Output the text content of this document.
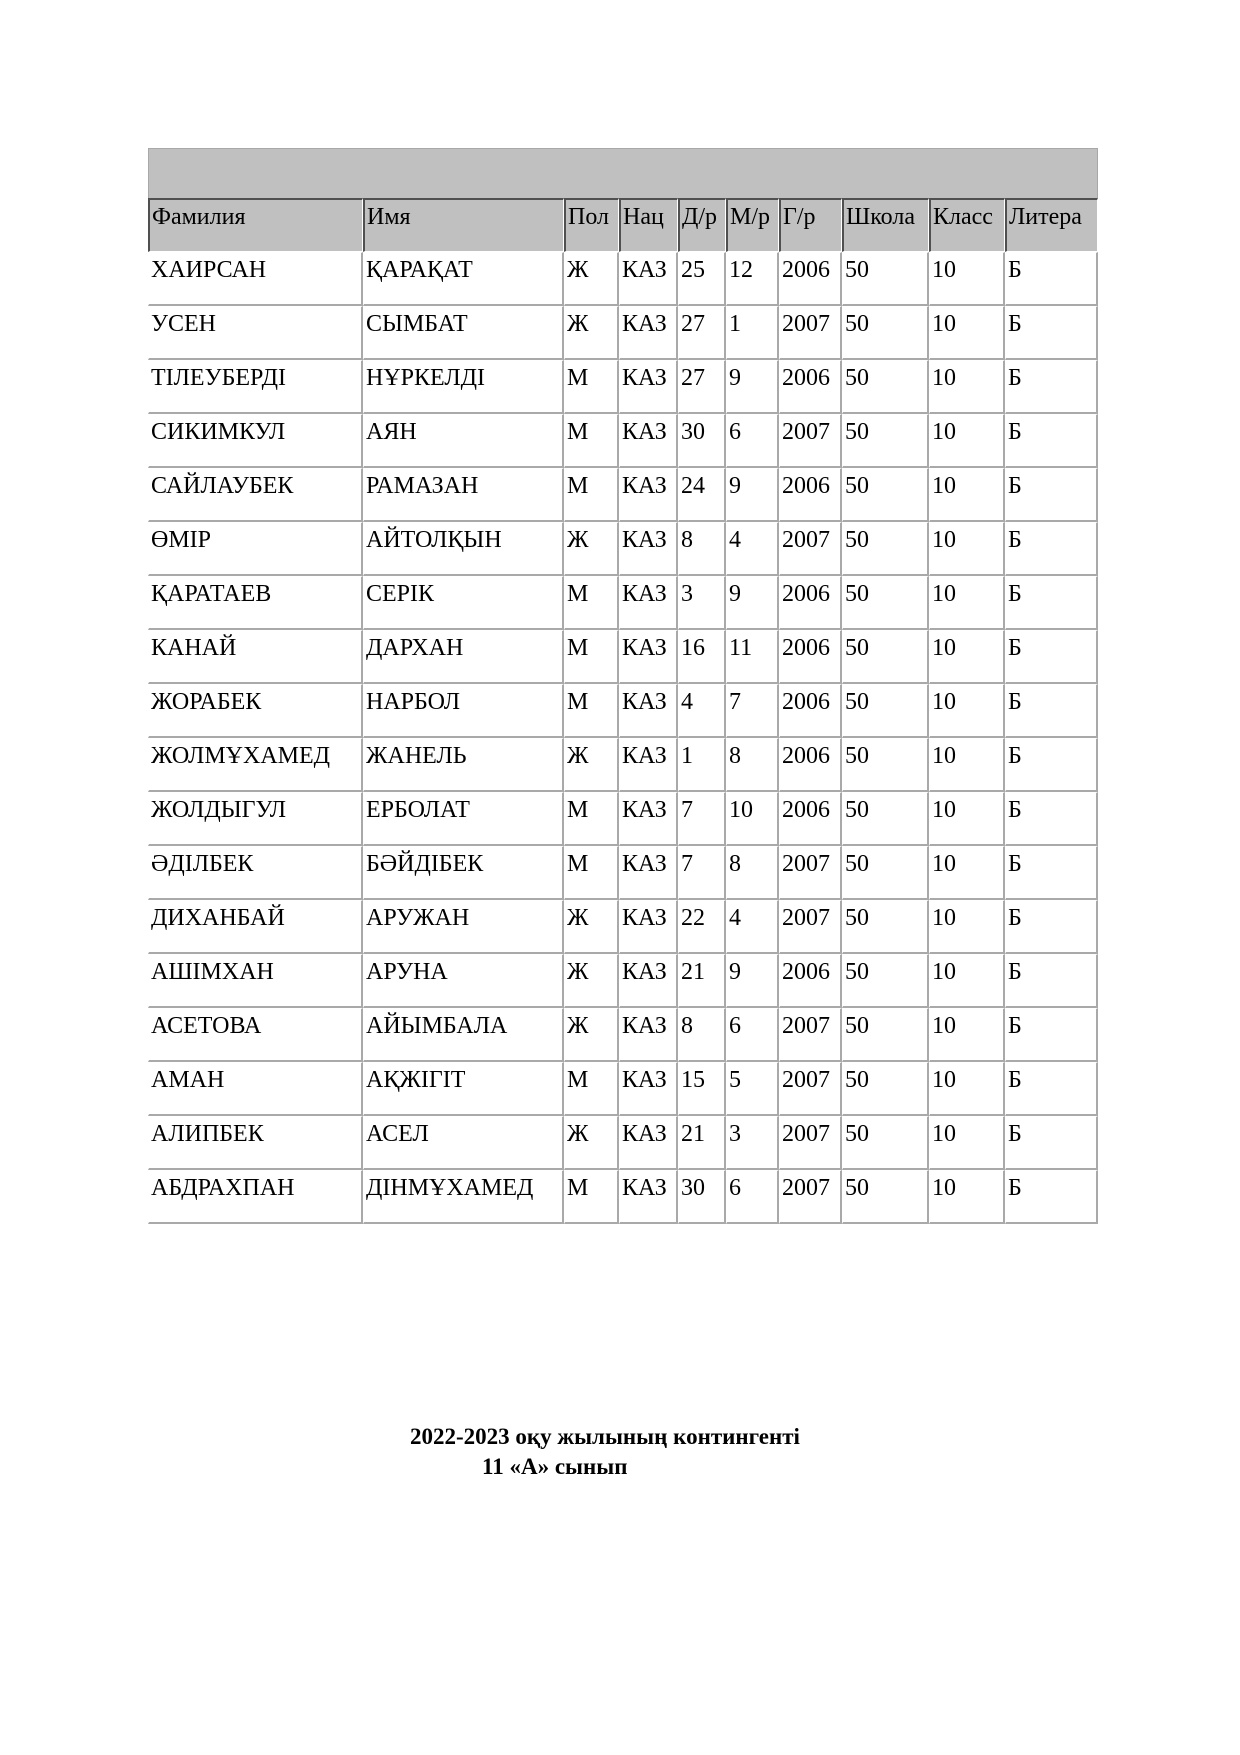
Фамилия	Имя	Пол	Нац	Д/р	М/р	Г/р	Школа	Класс	Литера
ХАИРСАН	ҚАРАҚАТ	Ж	КАЗ	25	12	2006	50	10	Б
УСЕН	СЫМБАТ	Ж	КАЗ	27	1	2007	50	10	Б
ТІЛЕУБЕРДІ	НҰРКЕЛДІ	М	КАЗ	27	9	2006	50	10	Б
СИКИМКУЛ	АЯН	М	КАЗ	30	6	2007	50	10	Б
САЙЛАУБЕК	РАМАЗАН	М	КАЗ	24	9	2006	50	10	Б
ӨМІР	АЙТОЛҚЫН	Ж	КАЗ	8	4	2007	50	10	Б
ҚАРАТАЕВ	СЕРІК	М	КАЗ	3	9	2006	50	10	Б
КАНАЙ	ДАРХАН	М	КАЗ	16	11	2006	50	10	Б
ЖОРАБЕК	НАРБОЛ	М	КАЗ	4	7	2006	50	10	Б
ЖОЛМҰХАМЕД	ЖАНЕЛЬ	Ж	КАЗ	1	8	2006	50	10	Б
ЖОЛДЫГУЛ	ЕРБОЛАТ	М	КАЗ	7	10	2006	50	10	Б
ӘДІЛБЕК	БӘЙДІБЕК	М	КАЗ	7	8	2007	50	10	Б
ДИХАНБАЙ	АРУЖАН	Ж	КАЗ	22	4	2007	50	10	Б
АШІМХАН	АРУНА	Ж	КАЗ	21	9	2006	50	10	Б
АСЕТОВА	АЙЫМБАЛА	Ж	КАЗ	8	6	2007	50	10	Б
АМАН	АҚЖІГІТ	М	КАЗ	15	5	2007	50	10	Б
АЛИПБЕК	АСЕЛ	Ж	КАЗ	21	3	2007	50	10	Б
АБДРАХПАН	ДІНМҰХАМЕД	М	КАЗ	30	6	2007	50	10	Б
2022-2023 оқу жылының контингенті
11 «А» сынып
